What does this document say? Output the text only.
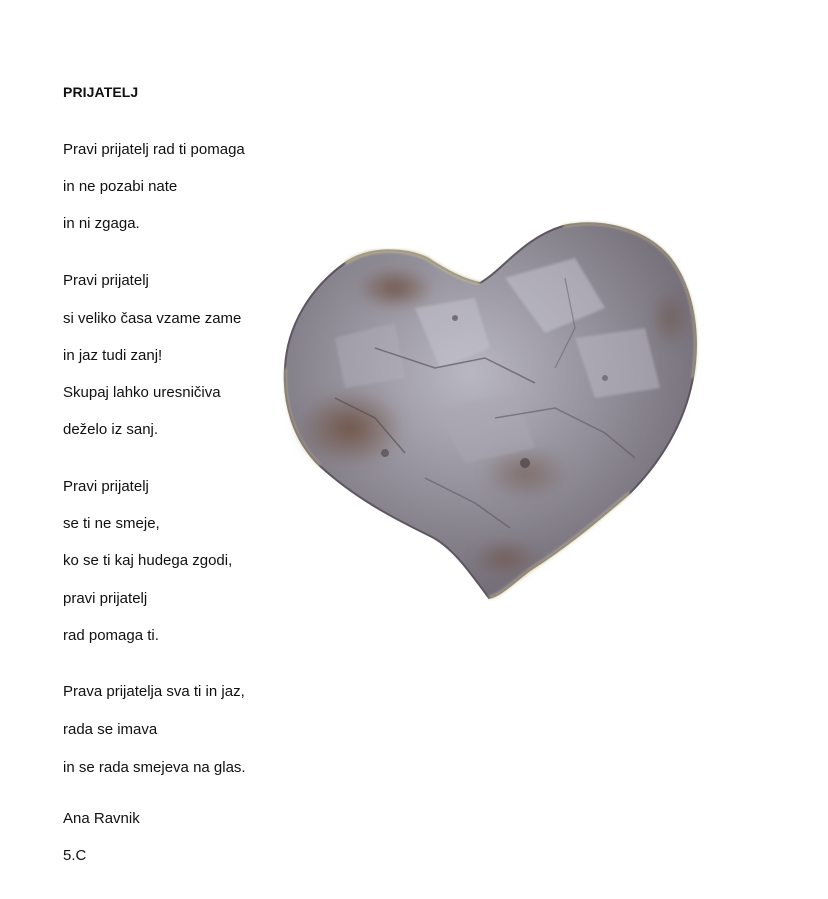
PRIJATELJ

Pravi prijatelj rad ti pomaga

in ne pozabi nate

in ni zgaga.

Pravi prijatelj

si veliko časa vzame zame

in jaz tudi zanj!

Skupaj lahko uresničiva

deželo iz sanj.

Pravi prijatelj

se ti ne smeje,

ko se ti kaj hudega zgodi,

pravi prijatelj

rad pomaga ti.

Prava prijatelja sva ti in jaz,

rada se imava

in se rada smejeva na glas.

Ana Ravnik

5.C
